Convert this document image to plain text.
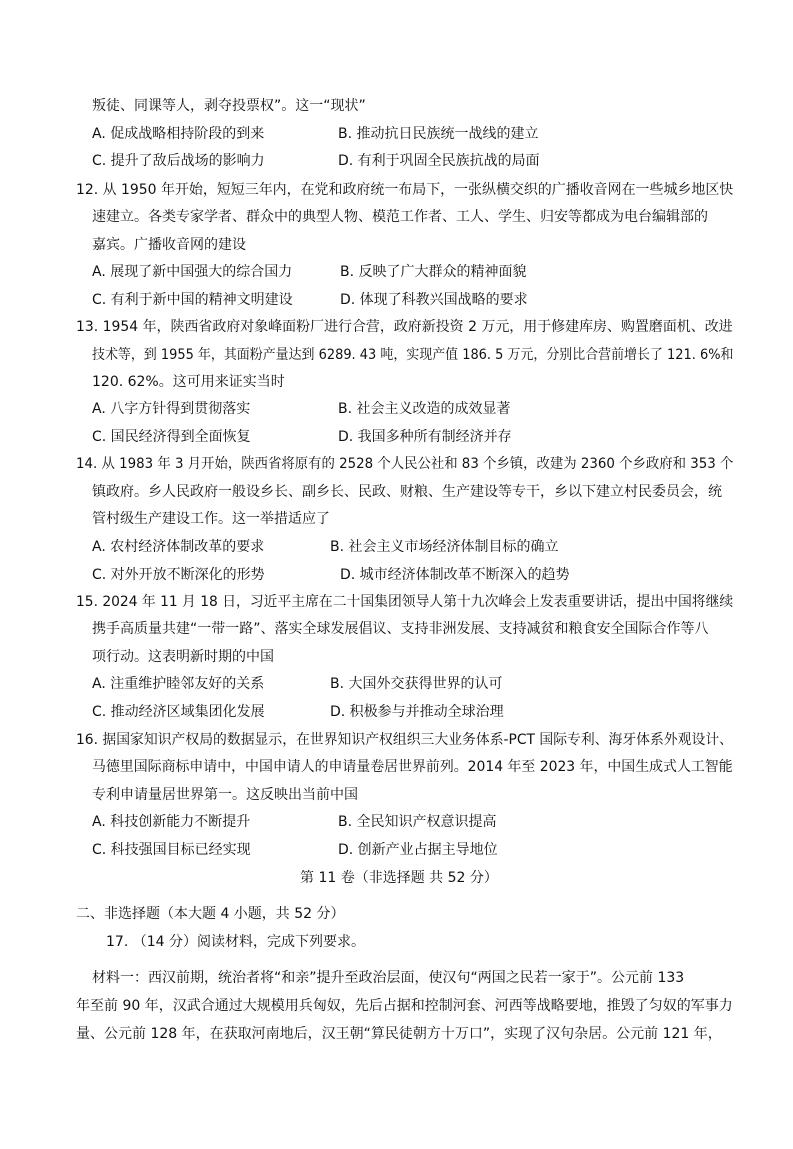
叛徒、同课等人，剥夺投票权”。这一“现状”
A. 促成战略相持阶段的到来	B. 推动抗日民族统一战线的建立
C. 提升了敌后战场的影响力	D. 有利于巩固全民族抗战的局面
12. 从 1950 年开始，短短三年内，在党和政府统一布局下，一张纵横交织的广播收音网在一些城乡地区快
速建立。各类专家学者、群众中的典型人物、模范工作者、工人、学生、归安等都成为电台编辑部的
嘉宾。广播收音网的建设
A. 展现了新中国强大的综合国力	B. 反映了广大群众的精神面貌
C. 有利于新中国的精神文明建设	D. 体现了科教兴国战略的要求
13. 1954 年，陕西省政府对象峰面粉厂进行合营，政府新投资 2 万元，用于修建库房、购置磨面机、改进
技术等，到 1955 年，其面粉产量达到 6289. 43 吨，实现产值 186. 5 万元，分别比合营前增长了 121. 6%和
120. 62%。这可用来证实当时
A. 八字方针得到贯彻落实	B. 社会主义改造的成效显著
C. 国民经济得到全面恢复	D. 我国多种所有制经济并存
14. 从 1983 年 3 月开始，陕西省将原有的 2528 个人民公社和 83 个乡镇，改建为 2360 个乡政府和 353 个
镇政府。乡人民政府一般设乡长、副乡长、民政、财粮、生产建设等专干，乡以下建立村民委员会，统
管村级生产建设工作。这一举措适应了
A. 农村经济体制改革的要求	B. 社会主义市场经济体制目标的确立
C. 对外开放不断深化的形势	D. 城市经济体制改革不断深入的趋势
15. 2024 年 11 月 18 日，习近平主席在二十国集团领导人第十九次峰会上发表重要讲话，提出中国将继续
携手高质量共建“一带一路”、落实全球发展倡议、支持非洲发展、支持减贫和粮食安全国际合作等八
项行动。这表明新时期的中国
A. 注重维护睦邻友好的关系	B. 大国外交获得世界的认可
C. 推动经济区域集团化发展	D. 积极参与并推动全球治理
16. 据国家知识产权局的数据显示，在世界知识产权组织三大业务体系-PCT 国际专利、海牙体系外观设计、
马德里国际商标申请中，中国申请人的申请量卷居世界前列。2014 年至 2023 年，中国生成式人工智能
专利申请量居世界第一。这反映出当前中国
A. 科技创新能力不断提升	B. 全民知识产权意识提高
C. 科技强国目标已经实现	D. 创新产业占据主导地位
第 11 卷（非选择题 共 52 分）
二、非选择题（本大题 4 小题，共 52 分）
17. （14 分）阅读材料，完成下列要求。
材料一：西汉前期，统治者将“和亲”提升至政治层面，使汉句“两国之民若一家于”。公元前 133
年至前 90 年，汉武合通过大规模用兵匈奴，先后占据和控制河套、河西等战略要地，推毁了匀奴的军事力
量、公元前 128 年，在获取河南地后，汉王朝“算民徒朝方十万口”，实现了汉句杂居。公元前 121 年，
